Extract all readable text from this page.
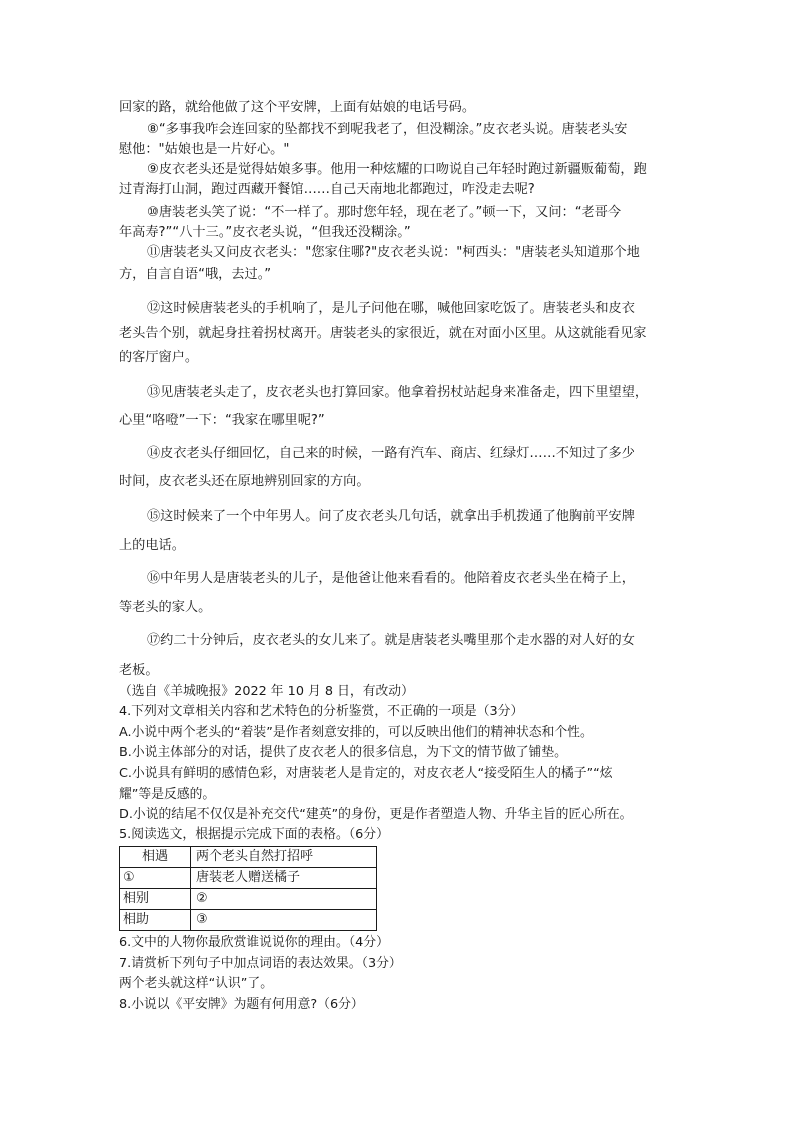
回家的路，就给他做了这个平安牌，上面有姑娘的电话号码。

⑧“多事我咋会连回家的坠都找不到呢我老了，但没糊涂。”皮衣老头说。唐装老头安

慰他："姑娘也是一片好心。"

⑨皮衣老头还是觉得姑娘多事。他用一种炫耀的口吻说自己年轻时跑过新疆贩葡萄，跑

过青海打山洞，跑过西藏开餐馆……自己天南地北都跑过，咋没走去呢?

⑩唐装老头笑了说：“不一样了。那时您年轻，现在老了。”顿一下，又问：“老哥今

年高寿?”“八十三。”皮衣老头说，“但我还没糊涂。”

⑪唐装老头又问皮衣老头："您家住哪?"皮衣老头说："柯西头："唐装老头知道那个地

方，自言自语“哦，去过。”

⑫这时候唐装老头的手机响了，是儿子问他在哪，喊他回家吃饭了。唐装老头和皮衣

老头告个别，就起身拄着拐杖离开。唐装老头的家很近，就在对面小区里。从这就能看见家

的客厅窗户。

⑬见唐装老头走了，皮衣老头也打算回家。他拿着拐杖站起身来准备走，四下里望望，

心里“咯噔”一下：“我家在哪里呢?”

⑭皮衣老头仔细回忆，自己来的时候，一路有汽车、商店、红绿灯……不知过了多少

时间，皮衣老头还在原地辨别回家的方向。

⑮这时候来了一个中年男人。问了皮衣老头几句话，就拿出手机拨通了他胸前平安牌

上的电话。

⑯中年男人是唐装老头的儿子，是他爸让他来看看的。他陪着皮衣老头坐在椅子上，

等老头的家人。

⑰约二十分钟后，皮衣老头的女儿来了。就是唐装老头嘴里那个走水器的对人好的女

老板。

（选自《羊城晚报》2022 年 10 月 8 日，有改动）

4.下列对文章相关内容和艺术特色的分析鉴赏，不正确的一项是（3分）

A.小说中两个老头的“着装”是作者刻意安排的，可以反映出他们的精神状态和个性。

B.小说主体部分的对话，提供了皮衣老人的很多信息，为下文的情节做了铺垫。

C.小说具有鲜明的感情色彩，对唐装老人是肯定的，对皮衣老人“接受陌生人的橘子”“炫

耀”等是反感的。

D.小说的结尾不仅仅是补充交代“建英”的身份，更是作者塑造人物、升华主旨的匠心所在。

5.阅读选文，根据提示完成下面的表格。（6分）

相遇	两个老头自然打招呼
①	唐装老人赠送橘子
相别	②
相助	③

6.文中的人物你最欣赏谁说说你的理由。（4分）

7.请赏析下列句子中加点词语的表达效果。（3分）

两个老头就这样“认识”了。

8.小说以《平安牌》为题有何用意?（6分）
